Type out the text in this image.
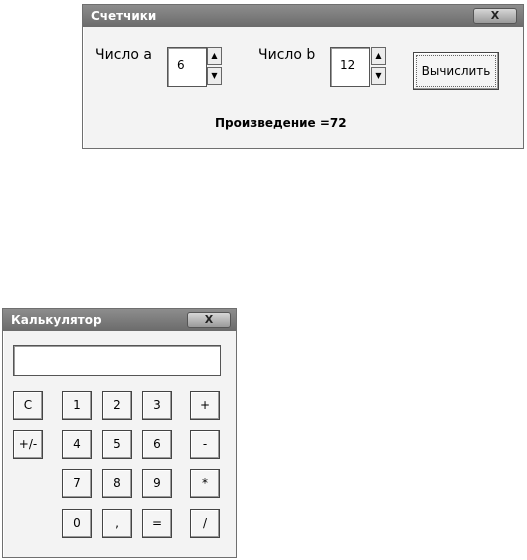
Счетчики	X
Число а
6
▲
▼
Число b
12
▲
▼	Вычислить
Произведение =72
Калькулятор	X
C
+/-
1	2	3	+
4	5	6	-
7	8	9	*
0	,	=	/
